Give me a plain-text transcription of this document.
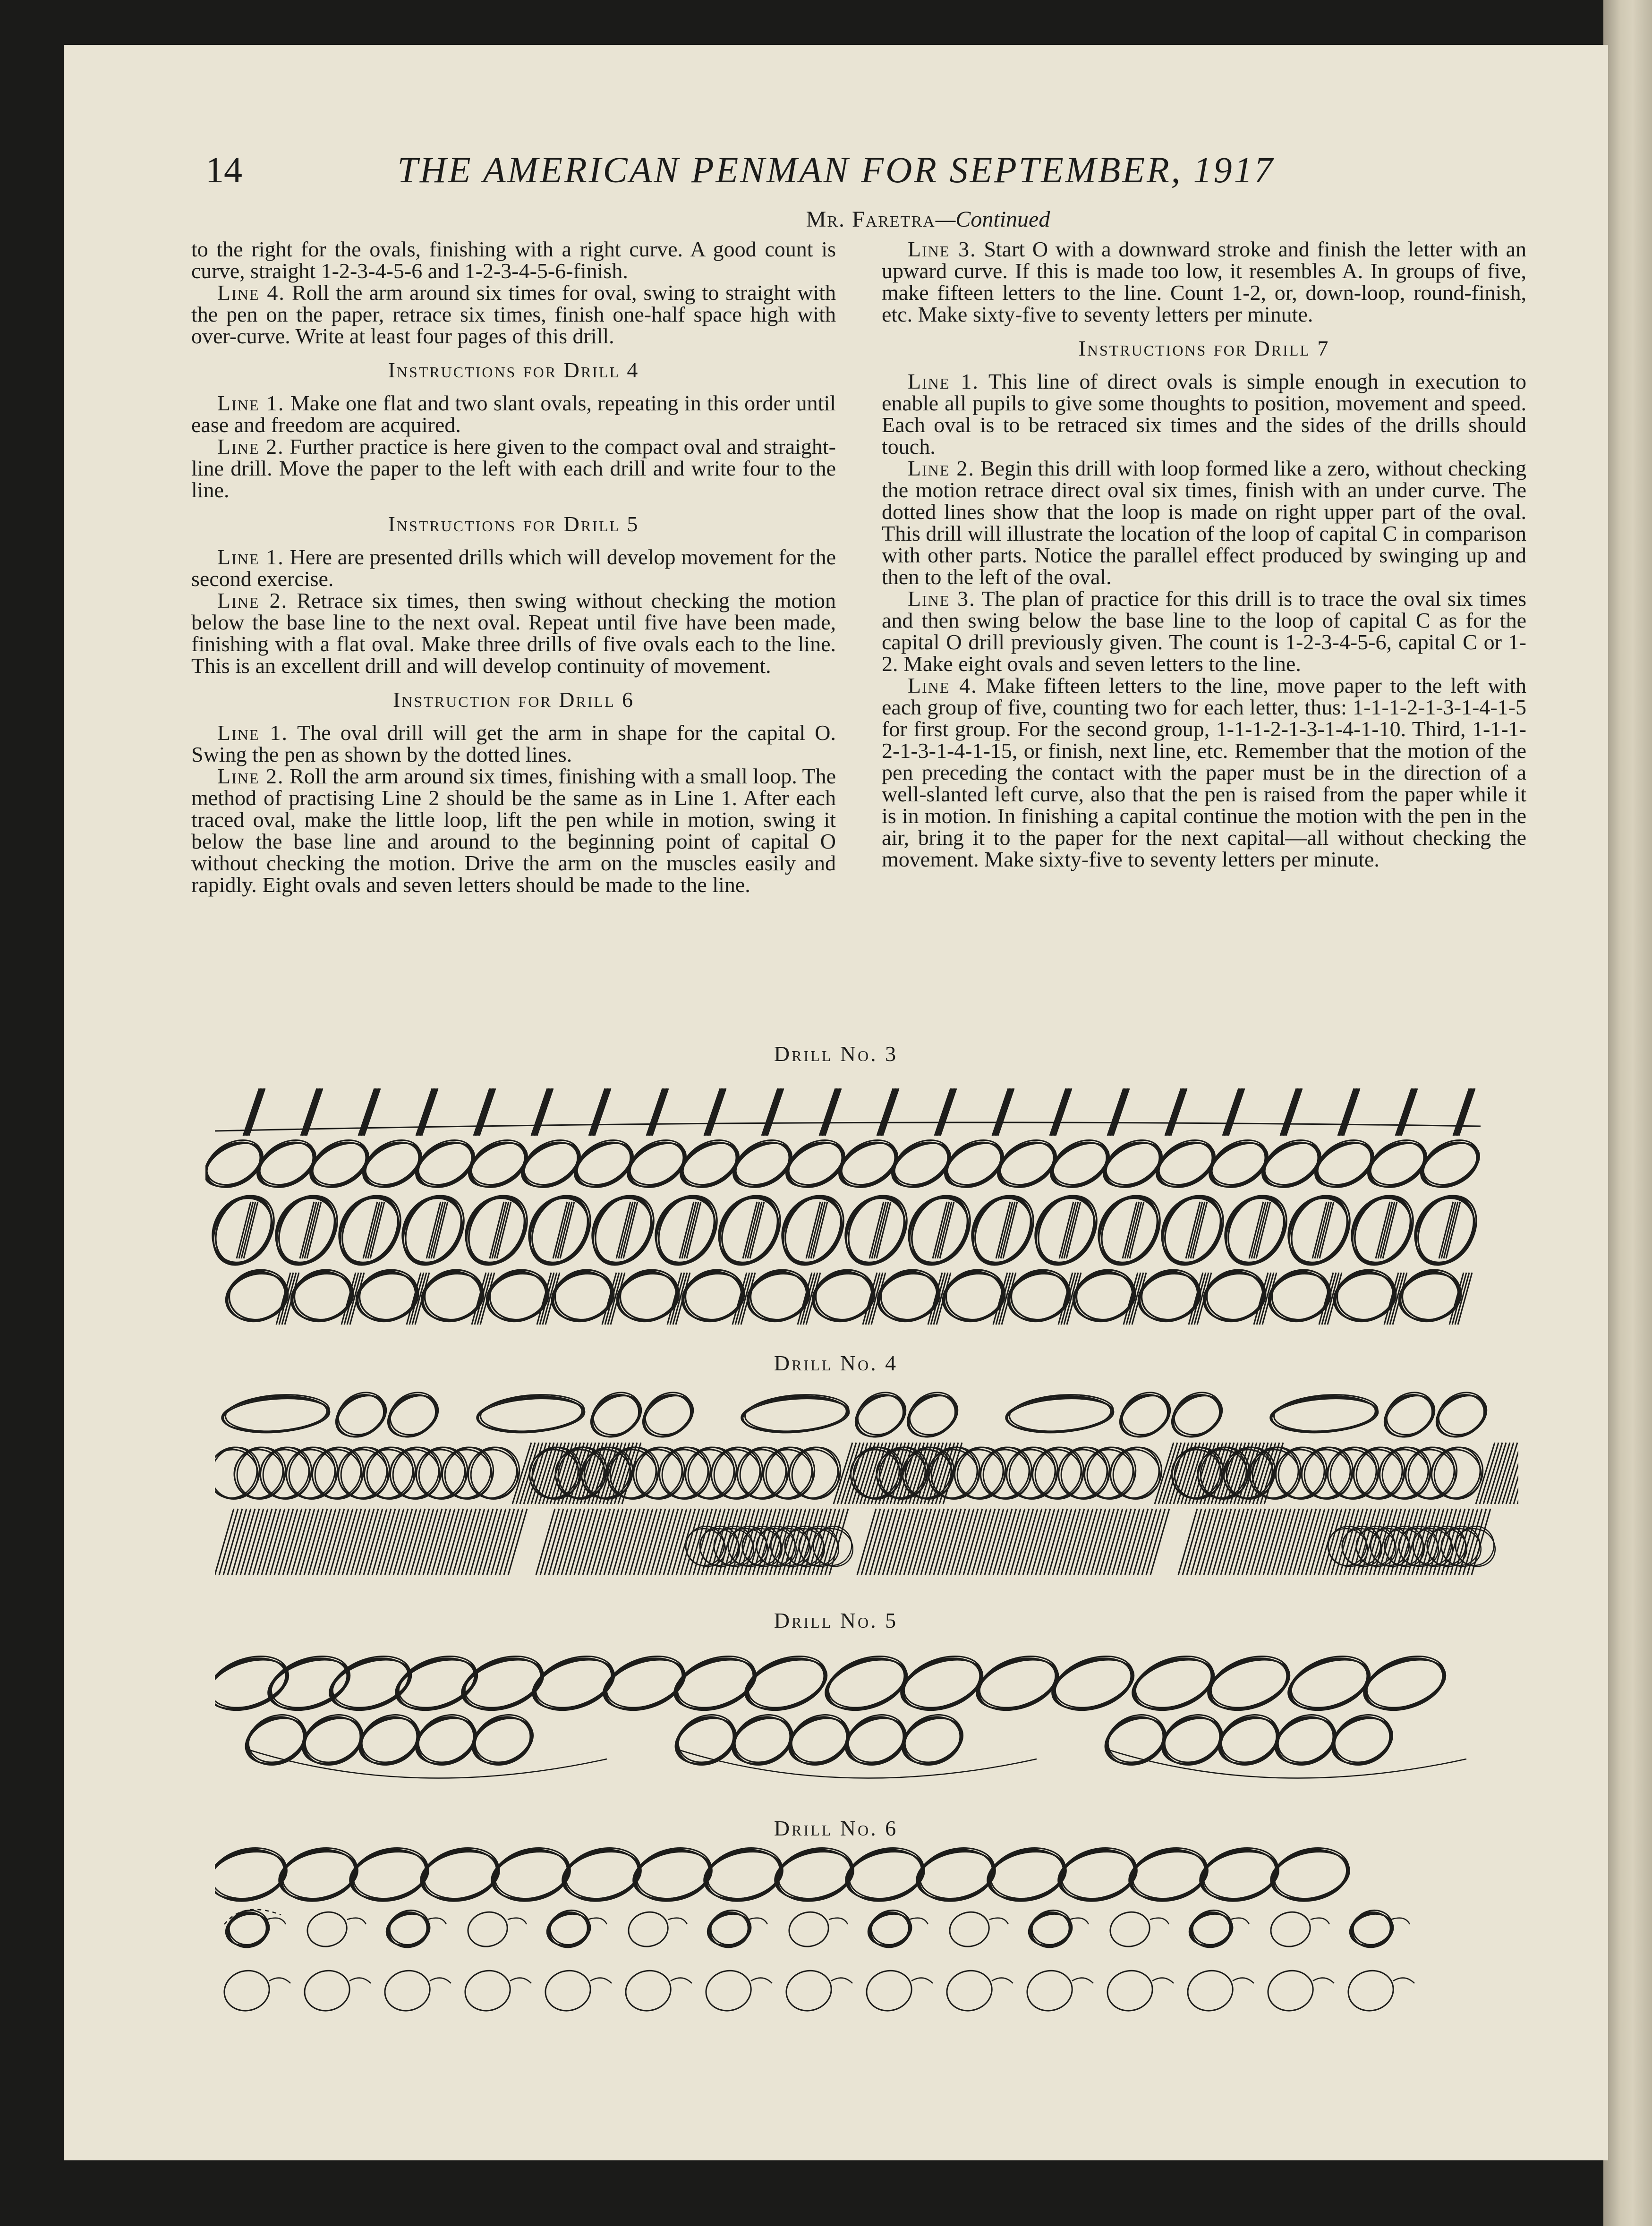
14	THE AMERICAN PENMAN FOR SEPTEMBER, 1917
Mr. Faretra—Continued

to the right for the ovals, finishing with a right curve. A good count is curve, straight 1-2-3-4-5-6 and 1-2-3-4-5-6-finish.

Line 4. Roll the arm around six times for oval, swing to straight with the pen on the paper, retrace six times, finish one-half space high with over-curve. Write at least four pages of this drill.

Instructions for Drill 4

Line 1. Make one flat and two slant ovals, repeating in this order until ease and freedom are acquired.

Line 2. Further practice is here given to the compact oval and straight-line drill. Move the paper to the left with each drill and write four to the line.

Instructions for Drill 5

Line 1. Here are presented drills which will develop movement for the second exercise.

Line 2. Retrace six times, then swing without checking the motion below the base line to the next oval. Repeat until five have been made, finishing with a flat oval. Make three drills of five ovals each to the line. This is an excellent drill and will develop continuity of movement.

Instruction for Drill 6

Line 1. The oval drill will get the arm in shape for the capital O. Swing the pen as shown by the dotted lines.

Line 2. Roll the arm around six times, finishing with a small loop. The method of practising Line 2 should be the same as in Line 1. After each traced oval, make the little loop, lift the pen while in motion, swing it below the base line and around to the beginning point of capital O without checking the motion. Drive the arm on the muscles easily and rapidly. Eight ovals and seven letters should be made to the line.

Line 3. Start O with a downward stroke and finish the letter with an upward curve. If this is made too low, it resembles A. In groups of five, make fifteen letters to the line. Count 1-2, or, down-loop, round-finish, etc. Make sixty-five to seventy letters per minute.

Instructions for Drill 7

Line 1. This line of direct ovals is simple enough in execution to enable all pupils to give some thoughts to position, movement and speed. Each oval is to be retraced six times and the sides of the drills should touch.

Line 2. Begin this drill with loop formed like a zero, without checking the motion retrace direct oval six times, finish with an under curve. The dotted lines show that the loop is made on right upper part of the oval. This drill will illustrate the location of the loop of capital C in comparison with other parts. Notice the parallel effect produced by swinging up and then to the left of the oval.

Line 3. The plan of practice for this drill is to trace the oval six times and then swing below the base line to the loop of capital C as for the capital O drill previously given. The count is 1-2-3-4-5-6, capital C or 1-2. Make eight ovals and seven letters to the line.

Line 4. Make fifteen letters to the line, move paper to the left with each group of five, counting two for each letter, thus: 1-1-1-2-1-3-1-4-1-5 for first group. For the second group, 1-1-1-2-1-3-1-4-1-10. Third, 1-1-1-2-1-3-1-4-1-15, or finish, next line, etc. Remember that the motion of the pen preceding the contact with the paper must be in the direction of a well-slanted left curve, also that the pen is raised from the paper while it is in motion. In finishing a capital continue the motion with the pen in the air, bring it to the paper for the next capital—all without checking the movement. Make sixty-five to seventy letters per minute.

Drill No. 3
Drill No. 4
Drill No. 5
Drill No. 6
